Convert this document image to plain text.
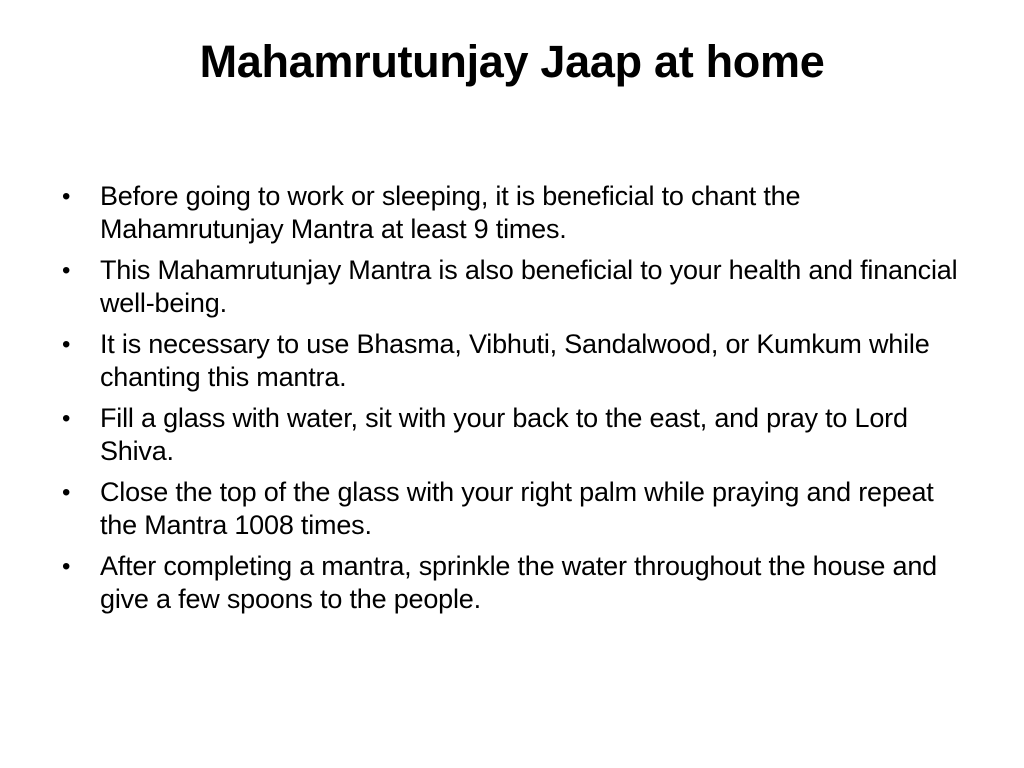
Mahamrutunjay Jaap at home
• Before going to work or sleeping, it is beneficial to chant the Mahamrutunjay Mantra at least 9 times.
• This Mahamrutunjay Mantra is also beneficial to your health and financial well-being.
• It is necessary to use Bhasma, Vibhuti, Sandalwood, or Kumkum while chanting this mantra.
• Fill a glass with water, sit with your back to the east, and pray to Lord Shiva.
• Close the top of the glass with your right palm while praying and repeat the Mantra 1008 times.
• After completing a mantra, sprinkle the water throughout the house and give a few spoons to the people.
